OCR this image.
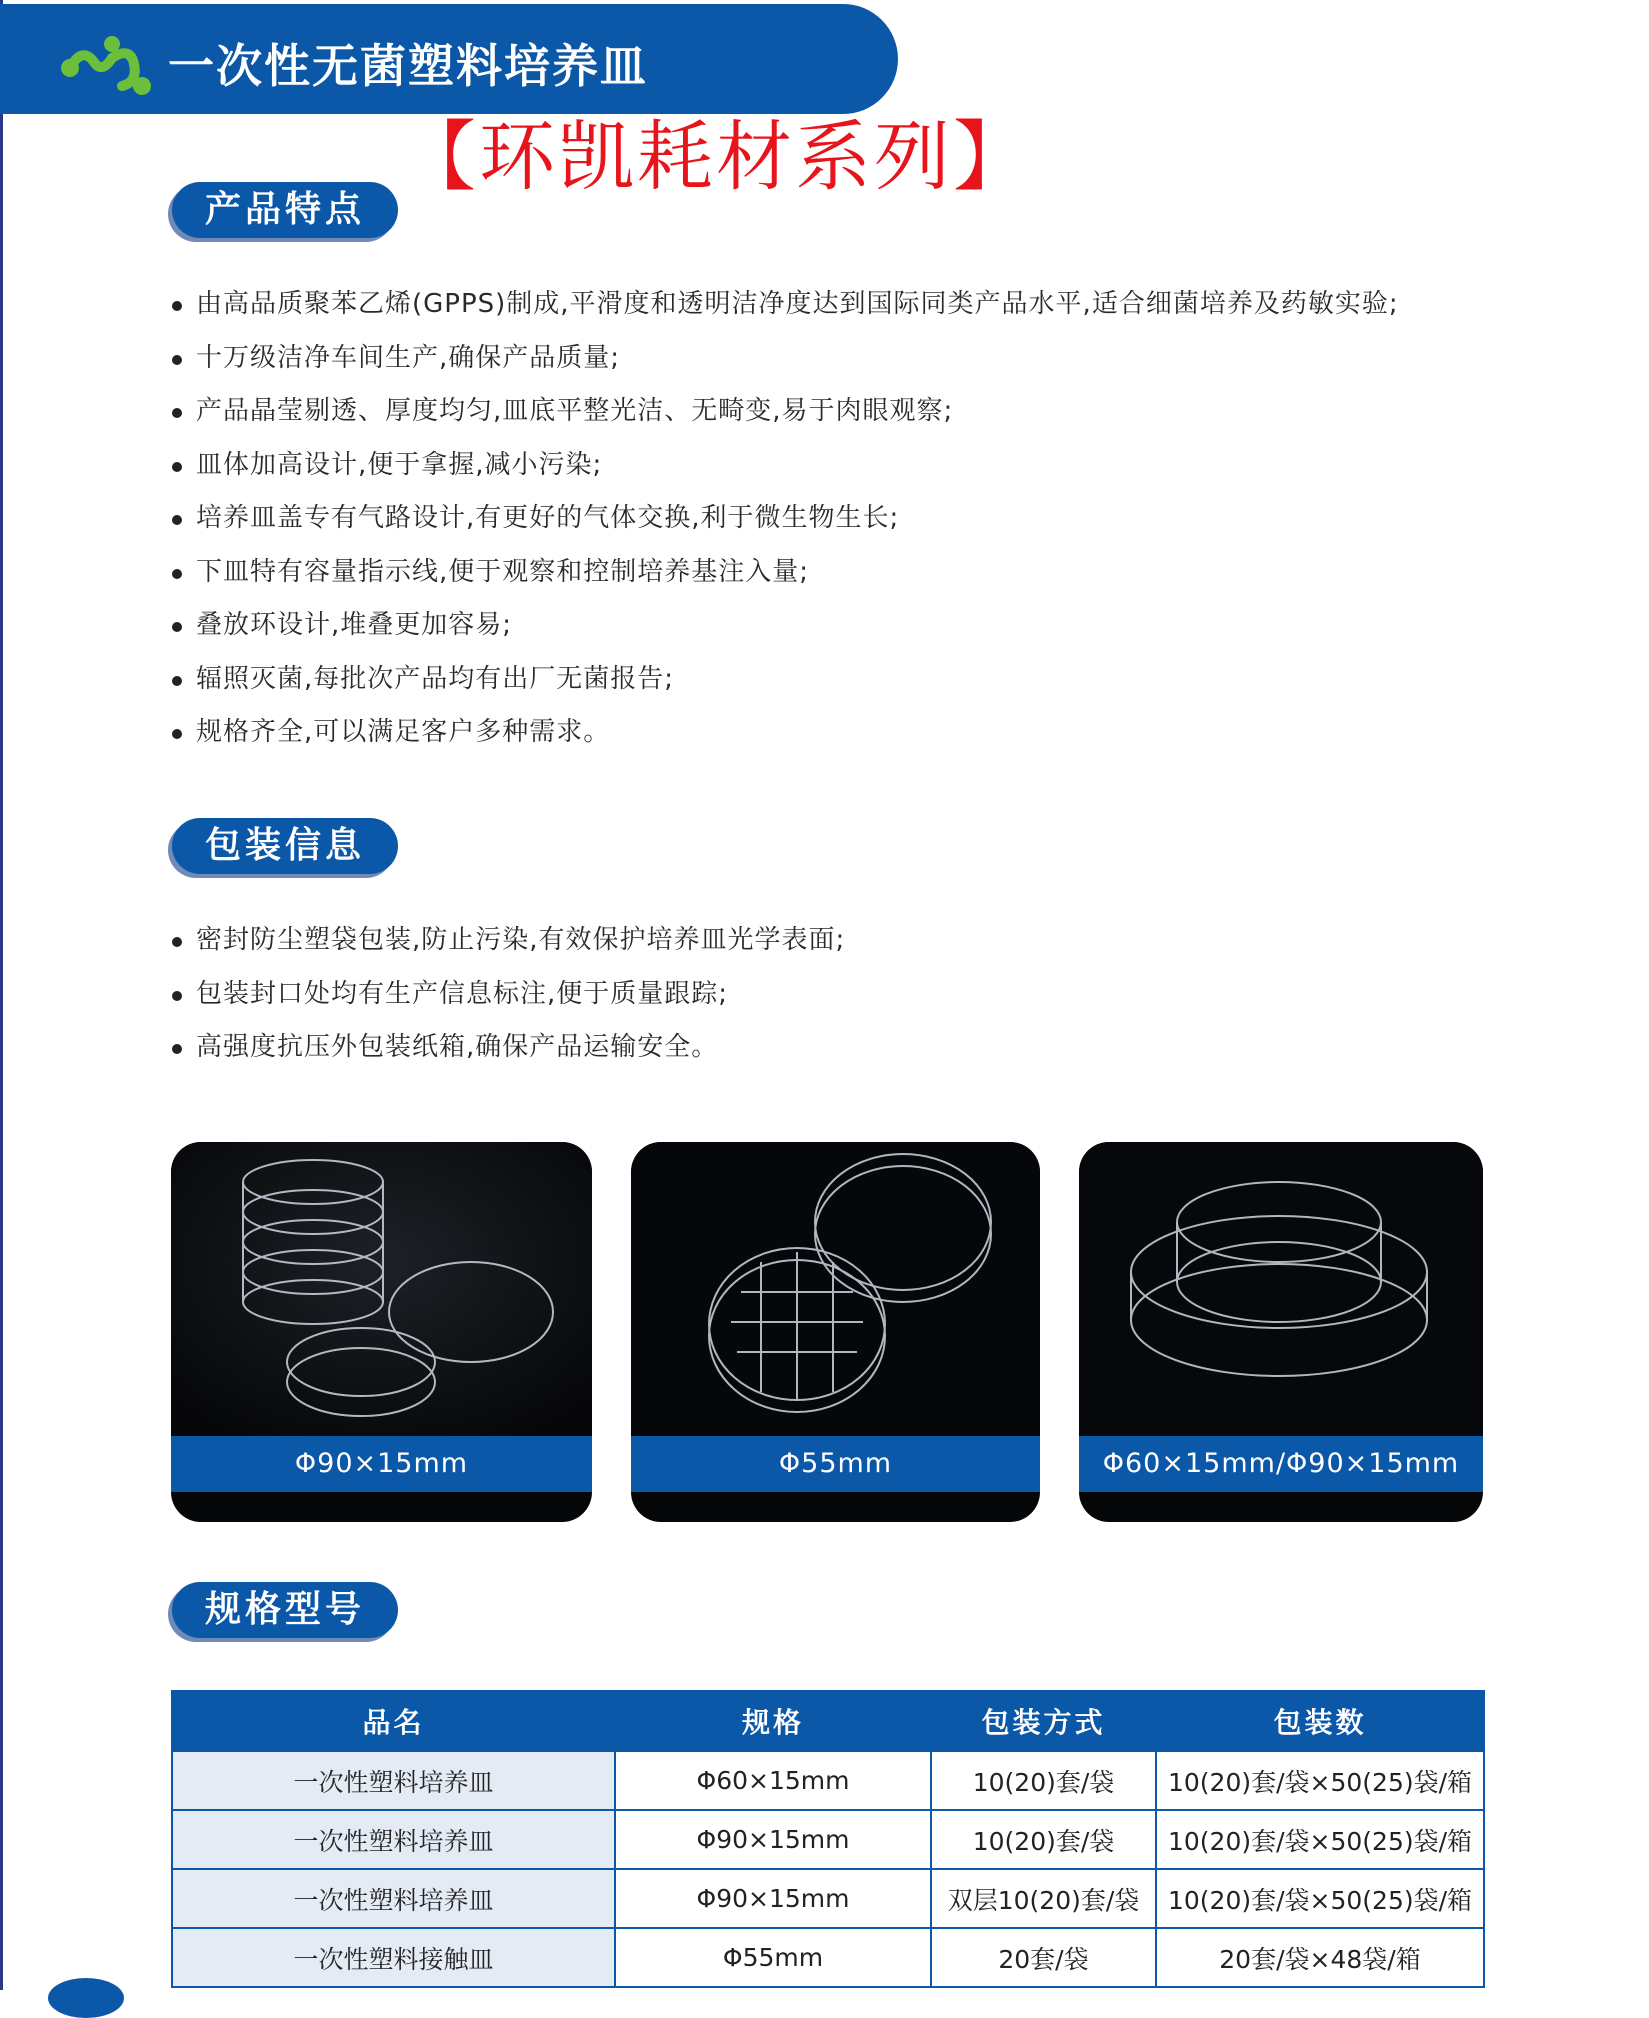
一次性无菌塑料培养皿
【环凯耗材系列】
产品特点
由高品质聚苯乙烯(GPPS)制成,平滑度和透明洁净度达到国际同类产品水平,适合细菌培养及药敏实验;
十万级洁净车间生产,确保产品质量;
产品晶莹剔透、厚度均匀,皿底平整光洁、无畸变,易于肉眼观察;
皿体加高设计,便于拿握,减小污染;
培养皿盖专有气路设计,有更好的气体交换,利于微生物生长;
下皿特有容量指示线,便于观察和控制培养基注入量;
叠放环设计,堆叠更加容易;
辐照灭菌,每批次产品均有出厂无菌报告;
规格齐全,可以满足客户多种需求。
包装信息
密封防尘塑袋包装,防止污染,有效保护培养皿光学表面;
包装封口处均有生产信息标注,便于质量跟踪;
高强度抗压外包装纸箱,确保产品运输安全。
Φ90×15mm	Φ55mm	Φ60×15mm/Φ90×15mm
规格型号
品名	规格	包装方式	包装数
一次性塑料培养皿	Φ60×15mm	10(20)套/袋	10(20)套/袋×50(25)袋/箱
一次性塑料培养皿	Φ90×15mm	10(20)套/袋	10(20)套/袋×50(25)袋/箱
一次性塑料培养皿	Φ90×15mm	双层10(20)套/袋	10(20)套/袋×50(25)袋/箱
一次性塑料接触皿	Φ55mm	20套/袋	20套/袋×48袋/箱
